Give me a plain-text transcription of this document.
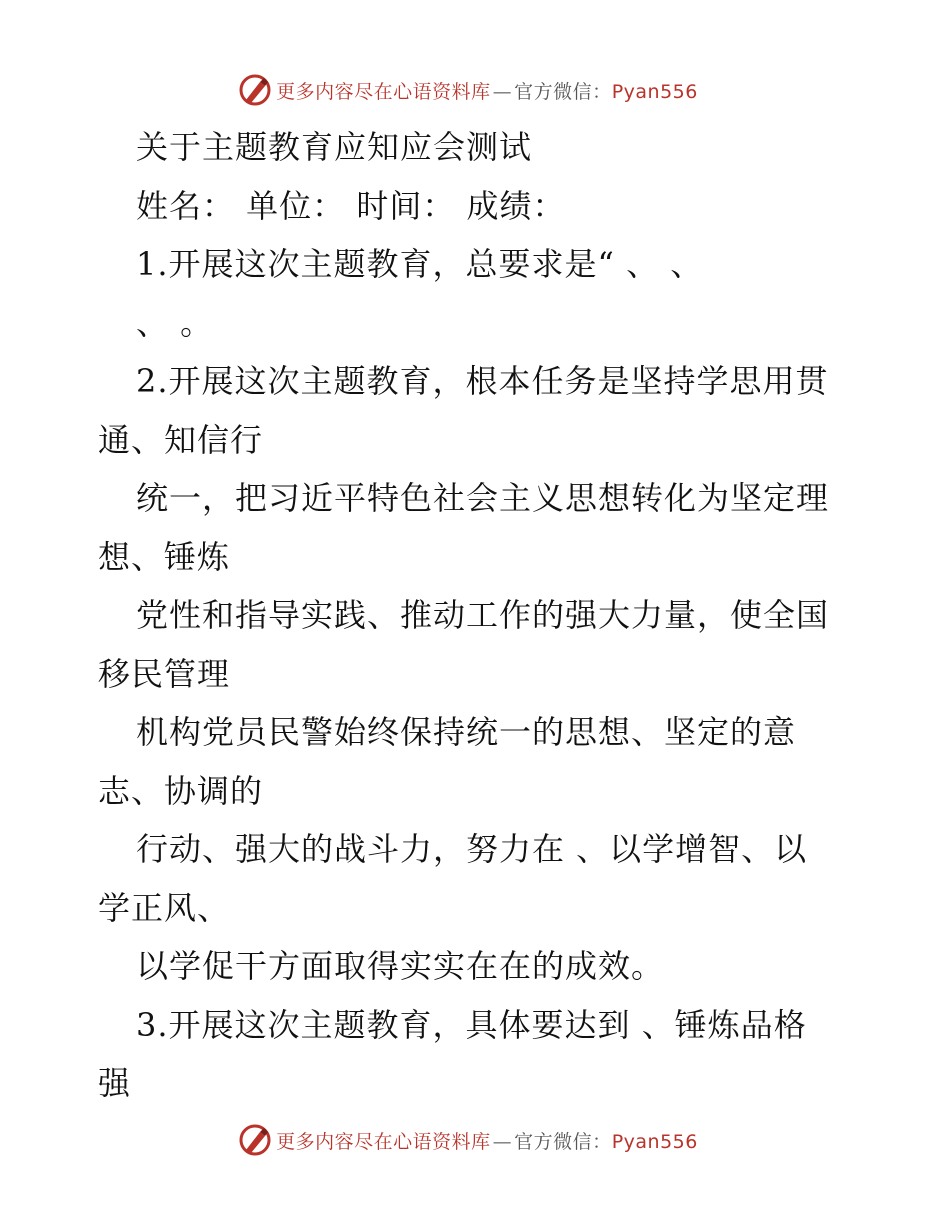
更多内容尽在心语资料库 — 官方微信：Pyan556
关于主题教育应知应会测试
姓名： 单位： 时间： 成绩：
1.开展这次主题教育，总要求是“ 、 、
、 。
2.开展这次主题教育，根本任务是坚持学思用贯
通、知信行
统一，把习近平特色社会主义思想转化为坚定理
想、锤炼
党性和指导实践、推动工作的强大力量，使全国
移民管理
机构党员民警始终保持统一的思想、坚定的意
志、协调的
行动、强大的战斗力，努力在 、以学增智、以
学正风、
以学促干方面取得实实在在的成效。
3.开展这次主题教育，具体要达到 、锤炼品格
强
更多内容尽在心语资料库 — 官方微信：Pyan556
